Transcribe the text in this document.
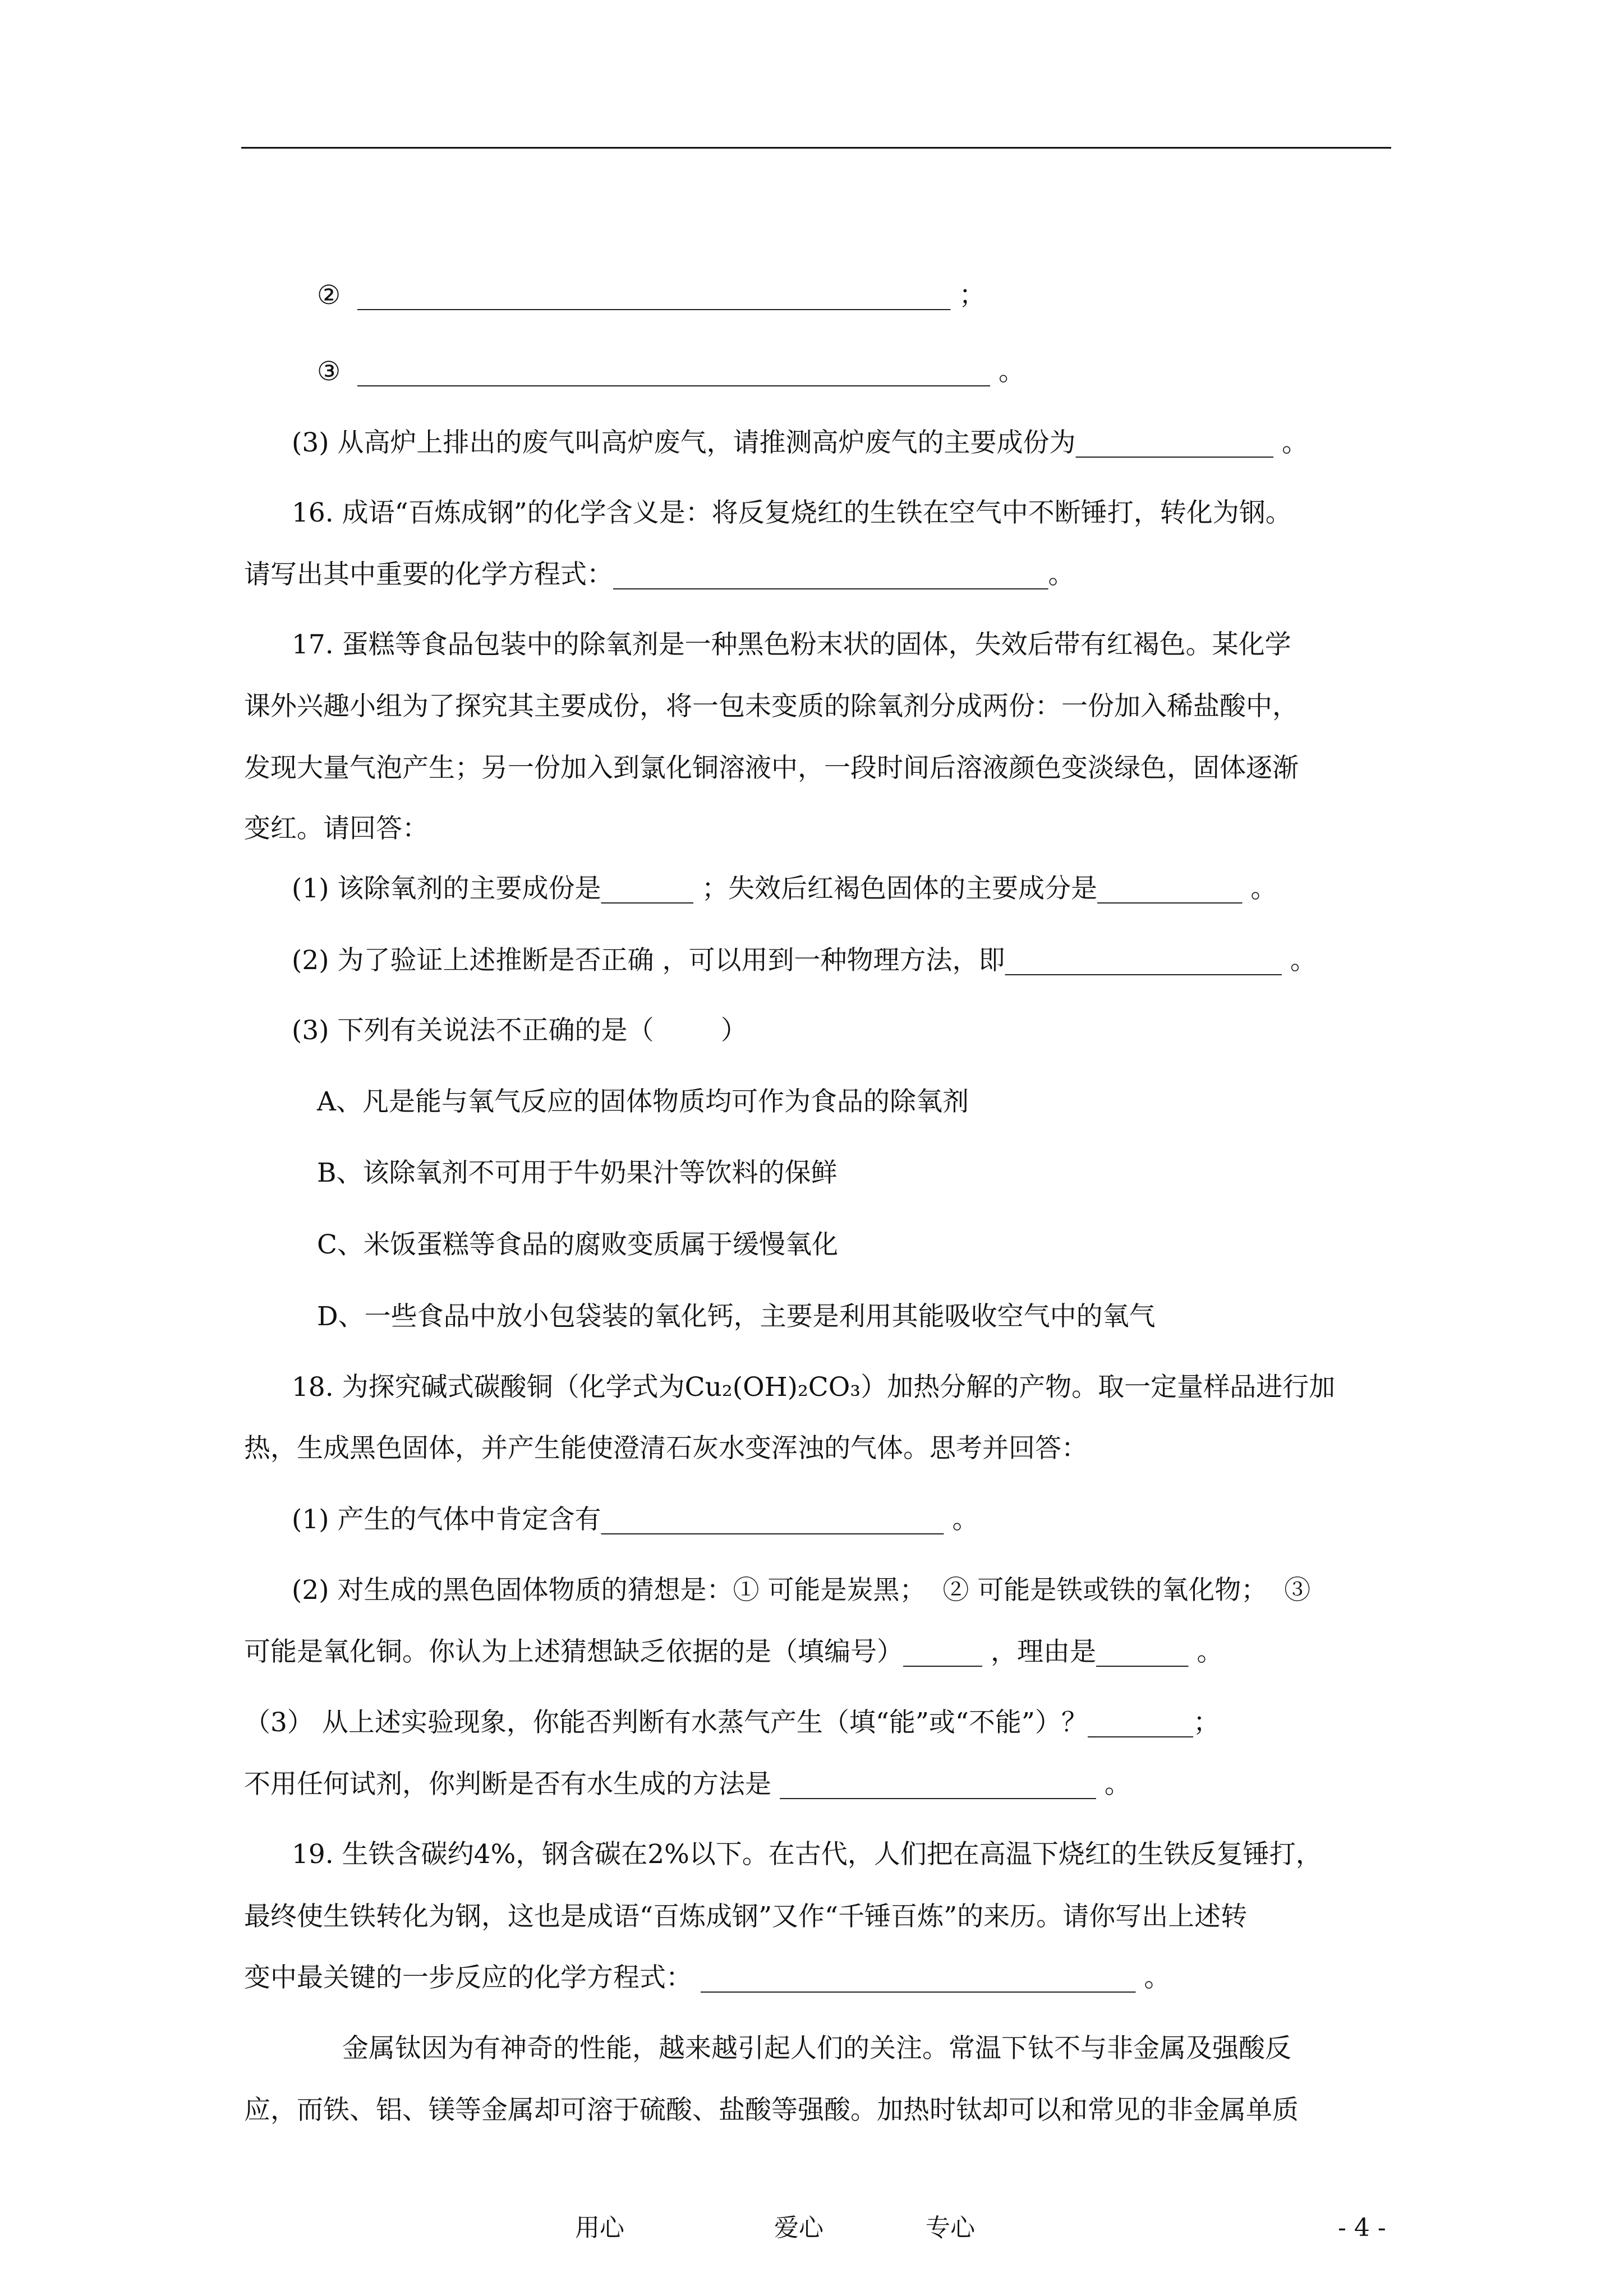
②  _____________________________________________ ；
③  ________________________________________________ 。
(3) 从高炉上排出的废气叫高炉废气，请推测高炉废气的主要成份为_______________ 。
16. 成语“百炼成钢”的化学含义是：将反复烧红的生铁在空气中不断锤打，转化为钢。
请写出其中重要的化学方程式：_________________________________。
17. 蛋糕等食品包装中的除氧剂是一种黑色粉末状的固体，失效后带有红褐色。某化学
课外兴趣小组为了探究其主要成份，将一包未变质的除氧剂分成两份：一份加入稀盐酸中，
发现大量气泡产生；另一份加入到氯化铜溶液中，一段时间后溶液颜色变淡绿色，固体逐渐
变红。请回答：
(1) 该除氧剂的主要成份是_______ ；失效后红褐色固体的主要成分是___________ 。
(2) 为了验证上述推断是否正确 ，可以用到一种物理方法，即_____________________ 。
(3) 下列有关说法不正确的是（        ）
A、凡是能与氧气反应的固体物质均可作为食品的除氧剂
B、该除氧剂不可用于牛奶果汁等饮料的保鲜
C、米饭蛋糕等食品的腐败变质属于缓慢氧化
D、一些食品中放小包袋装的氧化钙，主要是利用其能吸收空气中的氧气
18. 为探究碱式碳酸铜（化学式为Cu₂(OH)₂CO₃）加热分解的产物。取一定量样品进行加
热，生成黑色固体，并产生能使澄清石灰水变浑浊的气体。思考并回答：
(1) 产生的气体中肯定含有__________________________ 。
(2) 对生成的黑色固体物质的猜想是：① 可能是炭黑；  ② 可能是铁或铁的氧化物；  ③
可能是氧化铜。你认为上述猜想缺乏依据的是（填编号）______ ，理由是_______ 。
（3） 从上述实验现象，你能否判断有水蒸气产生（填“能”或“不能”）？________；
不用任何试剂，你判断是否有水生成的方法是 ________________________ 。
19. 生铁含碳约4%，钢含碳在2%以下。在古代，人们把在高温下烧红的生铁反复锤打，
最终使生铁转化为钢，这也是成语“百炼成钢”又作“千锤百炼”的来历。请你写出上述转
变中最关键的一步反应的化学方程式： _________________________________ 。
金属钛因为有神奇的性能，越来越引起人们的关注。常温下钛不与非金属及强酸反
应，而铁、铝、镁等金属却可溶于硫酸、盐酸等强酸。加热时钛却可以和常见的非金属单质
用心	爱心	专心	- 4 -
